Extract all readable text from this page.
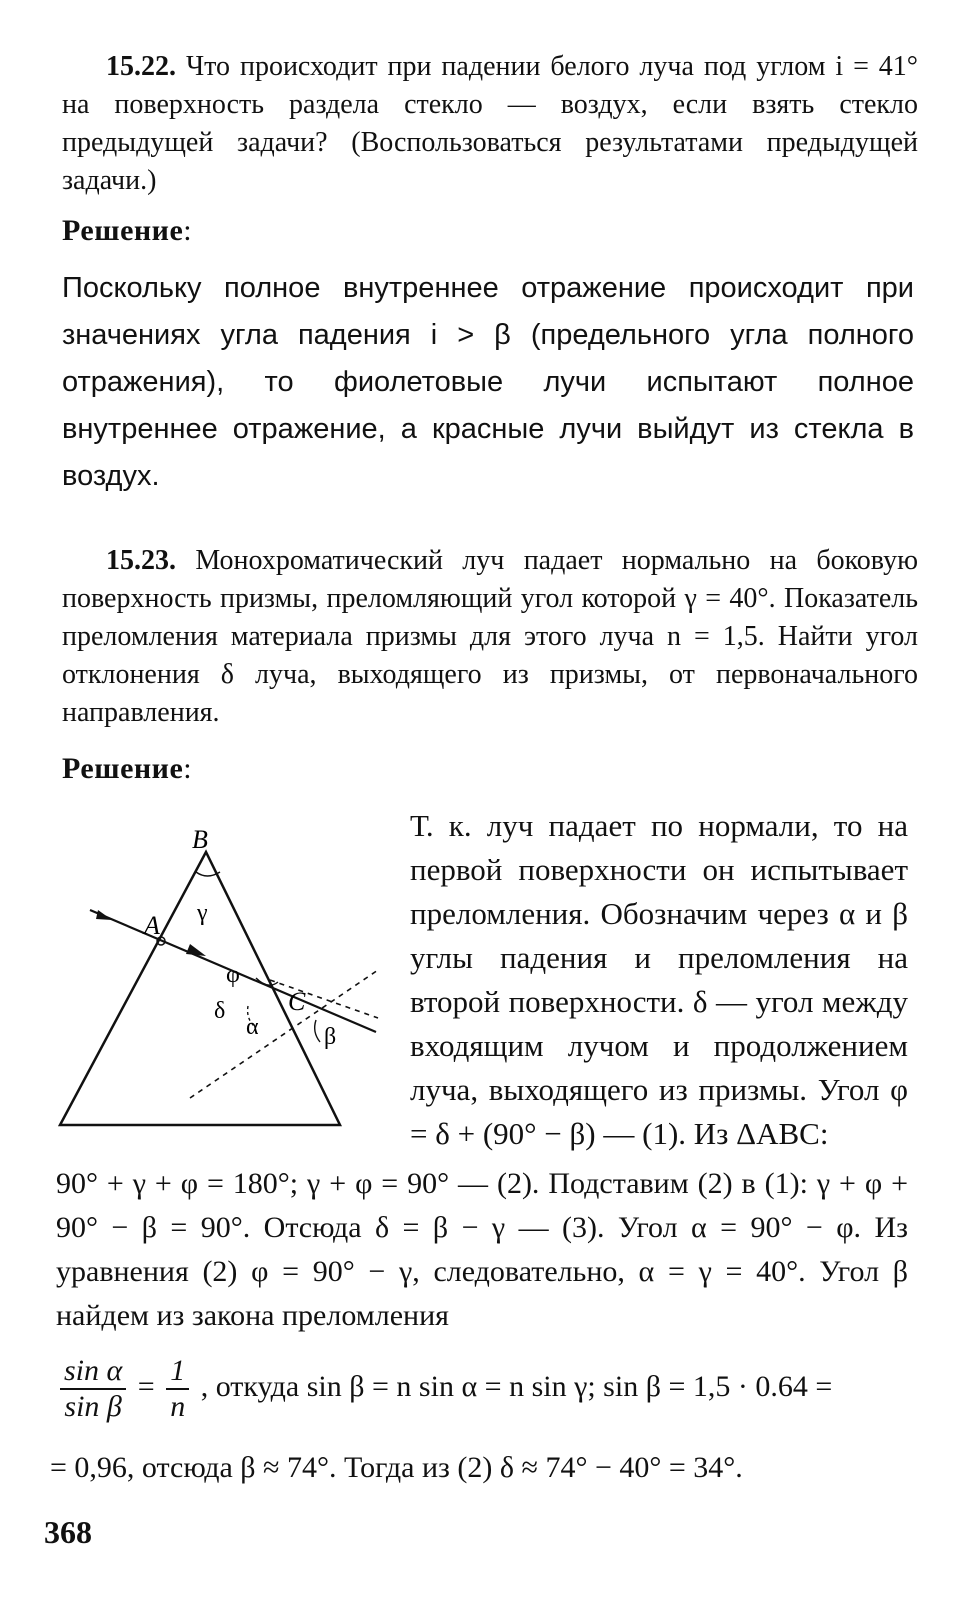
15.22. Что происходит при падении белого луча под углом i = 41° на поверхность раздела стекло — воздух, если взять стекло предыдущей задачи? (Воспользоваться результатами предыдущей задачи.)

Решение:

Поскольку полное внутреннее отражение происходит при значениях угла падения i > β (предельного угла полного отражения), то фиолетовые лучи испытают полное внутреннее отражение, а красные лучи выйдут из стекла в воздух.

15.23. Монохроматический луч падает нормально на боковую поверхность призмы, преломляющий угол которой γ = 40°. Показатель преломления материала призмы для этого луча n = 1,5. Найти угол отклонения δ луча, выходящего из призмы, от первоначального направления.

Решение:
B
A
C
γ
φ
δ
α	β

Т. к. луч падает по нормали, то на первой поверхности он испытывает преломления. Обозначим через α и β углы падения и преломления на второй поверхности. δ — угол между входящим лучом и продолжением луча, выходящего из призмы. Угол φ = δ + (90° − β) — (1). Из ΔABC:

90° + γ + φ = 180°; γ + φ = 90° — (2). Подставим (2) в (1): γ + φ + 90° − β = 90°. Отсюда δ = β − γ — (3). Угол α = 90° − φ. Из уравнения (2) φ = 90° − γ, следовательно, α = γ = 40°. Угол β найдем из закона преломления

$\frac{\text{sin α}}{\text{sin β}} = \frac{1}{n}$ , откуда sin β = n sin α = n sin γ; sin β = 1,5 · 0.64 =
= 0,96, отсюда β ≈ 74°. Тогда из (2) δ ≈ 74° − 40° = 34°.
368
